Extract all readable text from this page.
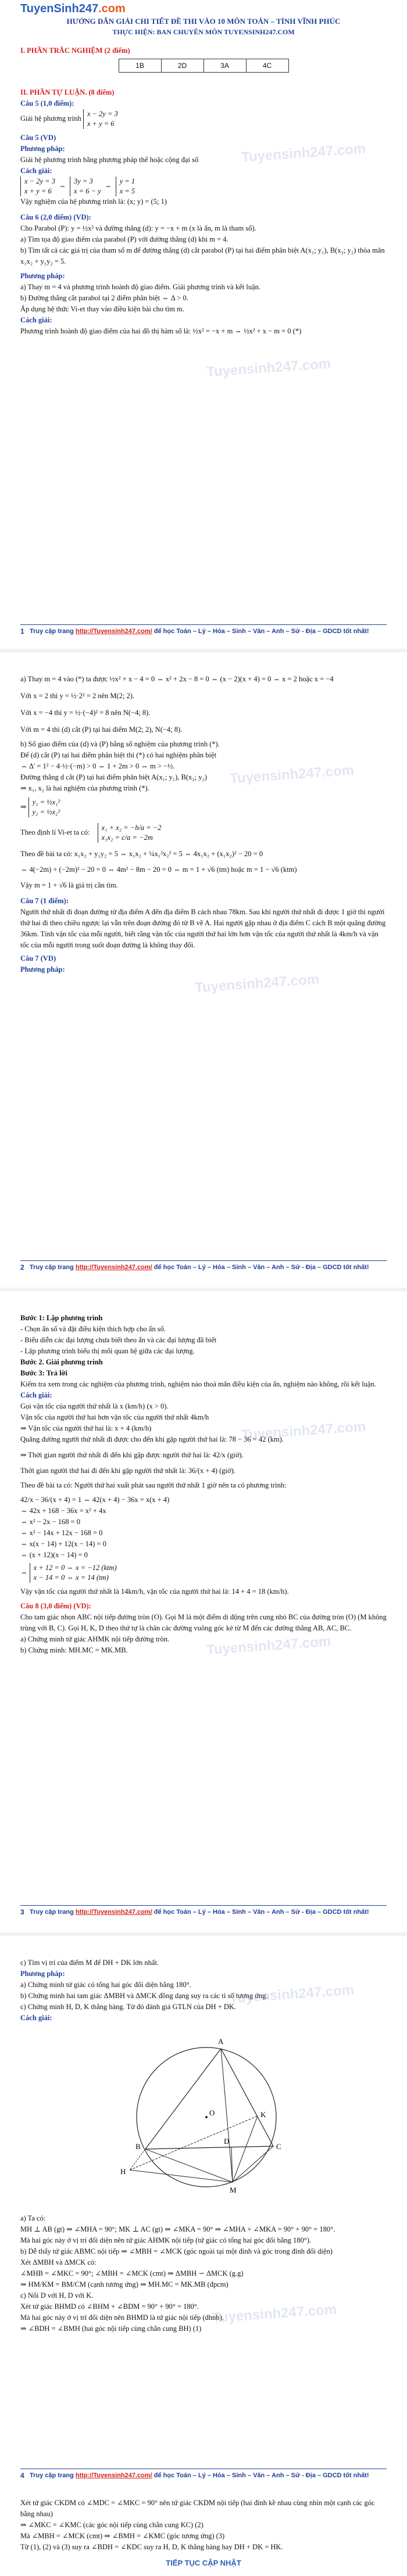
TuyenSinh247.com

HƯỚNG DẪN GIẢI CHI TIẾT ĐỀ THI VÀO 10 MÔN TOÁN – TỈNH VĨNH PHÚC

THỰC HIỆN: BAN CHUYÊN MÔN TUYENSINH247.COM
I. PHẦN TRẮC NGHIỆM (2 điểm)
1B	2D	3A	4C
II. PHẦN TỰ LUẬN. (8 điểm)
Câu 5 (1,0 điểm):
Giải hệ phương trình x − 2y = 3
x + y = 6
Câu 5 (VD)
Phương pháp:
Giải hệ phương trình bằng phương pháp thế hoặc cộng đại số
Cách giải:
x − 2y = 3
x + y = 6  ⇔  3y = 3
x = 6 − y  ⇔  y = 1
x = 5
Vậy nghiệm của hệ phương trình là: (x; y) = (5; 1)
Câu 6 (2,0 điểm) (VD):
Cho Parabol (P): y = ½x² và đường thẳng (d): y = −x + m (x là ẩn, m là tham số).
a) Tìm tọa độ giao điểm của parabol (P) với đường thẳng (d) khi m = 4.
b) Tìm tất cả các giá trị của tham số m để đường thẳng (d) cắt parabol (P) tại hai điểm phân biệt A(x₁; y₁), B(x₂; y₂) thỏa mãn x₁x₂ + y₁y₂ = 5.
Phương pháp:
a) Thay m = 4 và phương trình hoành độ giao điểm. Giải phương trình và kết luận.
b) Đường thẳng cắt parabol tại 2 điểm phân biệt ⇔ Δ > 0.
Áp dụng hệ thức Vi-et thay vào điều kiện bài cho tìm m.
Cách giải:
Phương trình hoành độ giao điểm của hai đồ thị hàm số là: ½x² = −x + m ⇔ ½x² + x − m = 0 (*)
Tuyensinh247.com
Tuyensinh247.com
1 Truy cập trang http://Tuyensinh247.com/ để học Toán – Lý – Hóa – Sinh – Văn – Anh – Sử - Địa – GDCD tốt nhất!
a) Thay m = 4 vào (*) ta được ½x² + x − 4 = 0 ⇔ x² + 2x − 8 = 0 ⇔ (x − 2)(x + 4) = 0 ⇔ x = 2 hoặc x = −4
Với x = 2 thì y = ½·2² = 2 nên M(2; 2).
Với x = −4 thì y = ½·(−4)² = 8 nên N(−4; 8).
Với m = 4 thì (d) cắt (P) tại hai điểm M(2; 2), N(−4; 8).
b) Số giao điểm của (d) và (P) bằng số nghiệm của phương trình (*).
Để (d) cắt (P) tại hai điểm phân biệt thì (*) có hai nghiệm phân biệt
⇔ Δ' = 1² − 4·½·(−m) > 0 ⇔ 1 + 2m > 0 ⇔ m > −½.
Đường thẳng d cắt (P) tại hai điểm phân biệt A(x₁; y₁), B(x₂; y₂)
⇒ x₁, x₂ là hai nghiệm của phương trình (*).
⇒ y₁ = ½x₁²
y₂ = ½x₂²
Theo định lí Vi-et ta có: x₁ + x₂ = −b/a = −2
x₁x₂ = c/a = −2m
Theo đề bài ta có: x₁x₂ + y₁y₂ = 5 ⇔ x₁x₂ + ¼x₁²x₂² = 5 ⇔ 4x₁x₂ + (x₁x₂)² − 20 = 0
⇔ 4(−2m) + (−2m)² − 20 = 0 ⇔ 4m² − 8m − 20 = 0 ⇔ m = 1 + √6 (tm) hoặc m = 1 − √6 (ktm)
Vậy m = 1 + √6 là giá trị cần tìm.
Câu 7 (1 điểm):
Người thứ nhất đi đoạn đường từ địa điểm A đến địa điểm B cách nhau 78km. Sau khi người thứ nhất đi được 1 giờ thì người thứ hai đi theo chiều ngược lại vẫn trên đoạn đường đó từ B về A. Hai người gặp nhau ở địa điểm C cách B một quãng đường 36km. Tính vận tốc của mỗi người, biết rằng vận tốc của người thứ hai lớn hơn vận tốc của người thứ nhất là 4km/h và vận tốc của mỗi người trong suốt đoạn đường là không thay đổi.
Câu 7 (VD)
Phương pháp:
Tuyensinh247.com
Tuyensinh247.com
2 Truy cập trang http://Tuyensinh247.com/ để học Toán – Lý – Hóa – Sinh – Văn – Anh – Sử - Địa – GDCD tốt nhất!
Bước 1: Lập phương trình
- Chọn ẩn số và đặt điều kiện thích hợp cho ẩn số.
- Biểu diễn các đại lượng chưa biết theo ẩn và các đại lượng đã biết
- Lập phương trình biểu thị mối quan hệ giữa các đại lượng.
Bước 2. Giải phương trình
Bước 3: Trả lời
Kiểm tra xem trong các nghiệm của phương trình, nghiệm nào thoả mãn điều kiện của ẩn, nghiệm nào không, rồi kết luận.
Cách giải:
Gọi vận tốc của người thứ nhất là x (km/h) (x > 0).
Vận tốc của người thứ hai hơn vận tốc của người thứ nhất 4km/h
⇒ Vận tốc của người thứ hai là: x + 4 (km/h)
Quãng đường người thứ nhất đi được cho đến khi gặp người thứ hai là: 78 − 36 = 42 (km).
⇒ Thời gian người thứ nhất đi đến khi gặp được người thứ hai là: 42/x (giờ).
Thời gian người thứ hai đi đến khi gặp người thứ nhất là: 36/(x + 4) (giờ).
Theo đề bài ta có: Người thứ hai xuất phát sau người thứ nhất 1 giờ nên ta có phương trình:
42/x − 36/(x + 4) = 1 ⇔ 42(x + 4) − 36x = x(x + 4)
⇔ 42x + 168 − 36x = x² + 4x
⇔ x² − 2x − 168 = 0
⇔ x² − 14x + 12x − 168 = 0
⇔ x(x − 14) + 12(x − 14) = 0
⇔ (x + 12)(x − 14) = 0
⇔ x + 12 = 0 ⇔ x = −12 (ktm)
x − 14 = 0 ⇔ x = 14 (tm)
Vậy vận tốc của người thứ nhất là 14km/h, vận tốc của người thứ hai là: 14 + 4 = 18 (km/h).
Câu 8 (3,0 điểm) (VD):
Cho tam giác nhọn ABC nội tiếp đường tròn (O). Gọi M là một điểm di động trên cung nhỏ BC của đường tròn (O) (M không trùng với B, C). Gọi H, K, D theo thứ tự là chân các đường vuông góc kẻ từ M đến các đường thẳng AB, AC, BC.
a) Chứng minh tứ giác AHMK nội tiếp đường tròn.
b) Chứng minh: MH.MC = MK.MB.
Tuyensinh247.com
Tuyensinh247.com
3 Truy cập trang http://Tuyensinh247.com/ để học Toán – Lý – Hóa – Sinh – Văn – Anh – Sử - Địa – GDCD tốt nhất!
c) Tìm vị trí của điểm M để DH + DK lớn nhất.
Phương pháp:
a) Chứng minh tứ giác có tổng hai góc đối diện bằng 180°.
b) Chứng minh hai tam giác ΔMBH và ΔMCK đồng dạng suy ra các tỉ số tương ứng.
c) Chứng minh H, D, K thẳng hàng. Từ đó đánh giá GTLN của DH + DK.
Cách giải:
A
B	C
O
M
H
K
D
a) Ta có:
MH ⊥ AB (gt) ⇒ ∠MHA = 90°; MK ⊥ AC (gt) ⇒ ∠MKA = 90° ⇒ ∠MHA + ∠MKA = 90° + 90° = 180°.
Mà hai góc này ở vị trí đối diện nên tứ giác AHMK nội tiếp (tứ giác có tổng hai góc đối bằng 180°).
b) Dễ thấy tứ giác ABMC nội tiếp ⇒ ∠MBH = ∠MCK (góc ngoài tại một đỉnh và góc trong đỉnh đối diện)
Xét ΔMBH và ΔMCK có:
∠MHB = ∠MKC = 90°; ∠MBH = ∠MCK (cmt) ⇒ ΔMBH ∽ ΔMCK (g.g)
⇒ HM/KM = BM/CM (cạnh tương ứng) ⇒ MH.MC = MK.MB (đpcm)
c) Nối D với H, D với K.
Xét tứ giác BHMD có ∠BHM + ∠BDM = 90° + 90° = 180°.
Mà hai góc này ở vị trí đối diện nên BHMD là tứ giác nội tiếp (dhnb).
⇒ ∠BDH = ∠BMH (hai góc nội tiếp cùng chắn cung BH) (1)
4 Truy cập trang http://Tuyensinh247.com/ để học Toán – Lý – Hóa – Sinh – Văn – Anh – Sử - Địa – GDCD tốt nhất!
Xét tứ giác CKDM có ∠MDC = ∠MKC = 90° nên tứ giác CKDM nội tiếp (hai đỉnh kề nhau cùng nhìn một cạnh các góc bằng nhau)
⇒ ∠MKC = ∠KMC (các góc nội tiếp cùng chắn cung KC) (2)
Mà ∠MBH = ∠MCK (cmt) ⇒ ∠BMH = ∠KMC (góc tương ứng) (3)
Từ (1), (2) và (3) suy ra ∠BDH = ∠KDC suy ra H, D, K thẳng hàng hay DH + DK = HK.
TIẾP TỤC CẬP NHẬT
Tuyensinh247.com
Tuyensinh247.com
